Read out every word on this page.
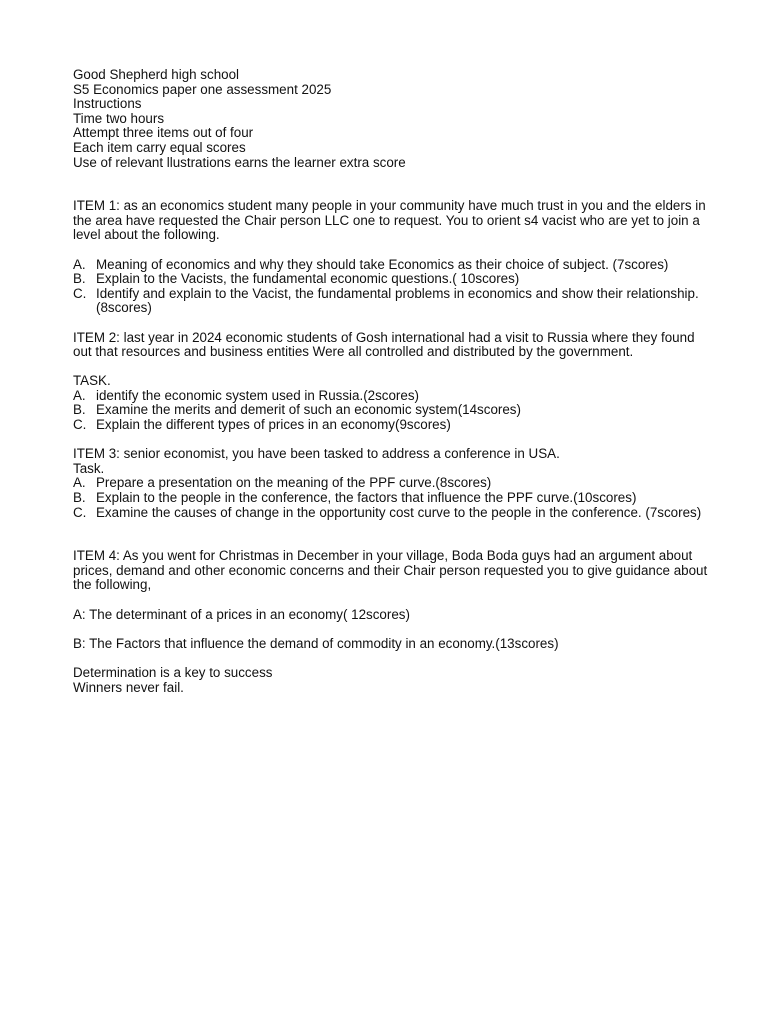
Good Shepherd high school
S5 Economics paper one assessment 2025
Instructions
Time two hours
Attempt three items out of four
Each item carry equal scores
Use of relevant llustrations earns the learner extra score
ITEM 1: as an economics student many people in your community have much trust in you and the elders in the area have requested the Chair person LLC one to request. You to orient s4 vacist who are yet to join a level about the following.
A. Meaning of economics and why they should take Economics as their choice of subject. (7scores)
B. Explain to the Vacists, the fundamental economic questions.( 10scores)
C. Identify and explain to the Vacist, the fundamental problems in economics and show their relationship.(8scores)
ITEM 2: last year in 2024 economic students of Gosh international had a visit to Russia where they found out that resources and business entities Were all controlled and distributed by the government.
TASK.
A. identify the economic system used in Russia.(2scores)
B. Examine the merits and demerit of such an economic system(14scores)
C. Explain the different types of prices in an economy(9scores)
ITEM 3: senior economist, you have been tasked to address a conference in USA.
Task.
A. Prepare a presentation on the meaning of the PPF curve.(8scores)
B. Explain to the people in the conference, the factors that influence the PPF curve.(10scores)
C. Examine the causes of change in the opportunity cost curve to the people in the conference. (7scores)
ITEM 4: As you went for Christmas in December in your village, Boda Boda guys had an argument about prices, demand and other economic concerns and their Chair person requested you to give guidance about the following,
A: The determinant of a prices in an economy( 12scores)
B: The Factors that influence the demand of commodity in an economy.(13scores)
Determination is a key to success
Winners never fail.
